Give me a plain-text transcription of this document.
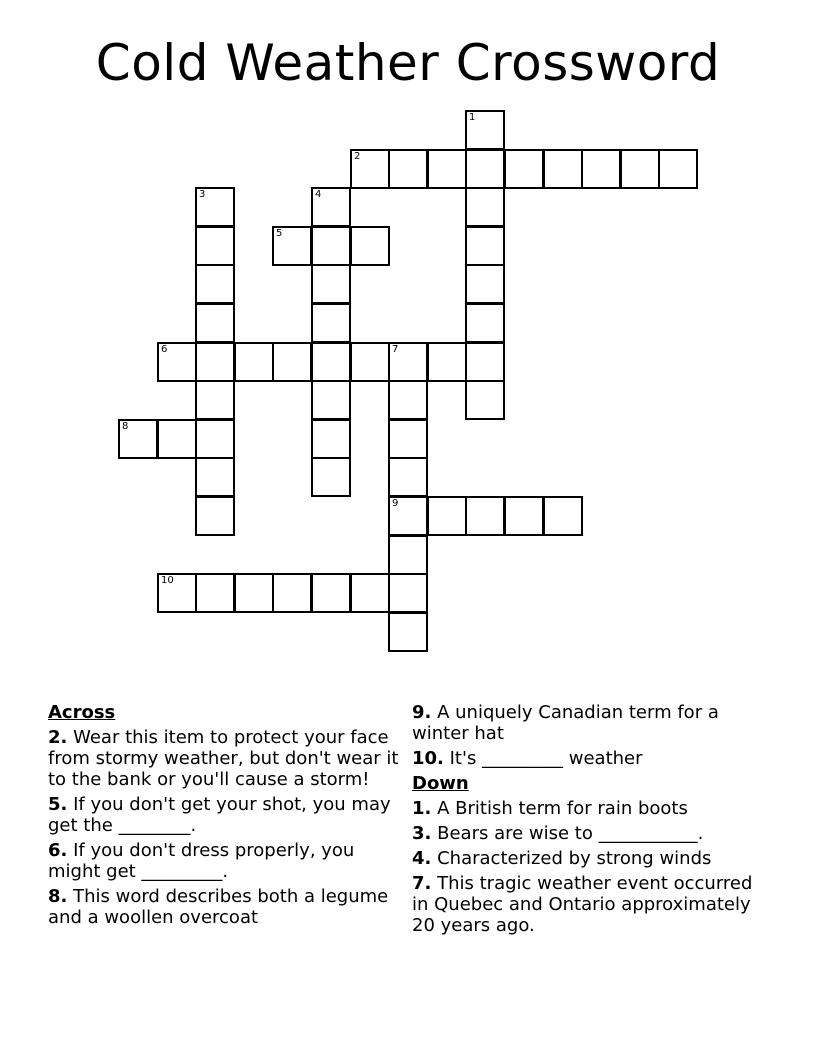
Cold Weather Crossword
1
2
3	4
5
6	7
9
8
10
Across
2. Wear this item to protect your face from stormy weather, but don't wear it to the bank or you'll cause a storm!
5. If you don't get your shot, you may get the ________.
6. If you don't dress properly, you might get _________.
8. This word describes both a legume and a woollen overcoat
9. A uniquely Canadian term for a winter hat
10. It's _________ weather
Down
1. A British term for rain boots
3. Bears are wise to ___________.
4. Characterized by strong winds
7. This tragic weather event occurred in Quebec and Ontario approximately 20 years ago.
